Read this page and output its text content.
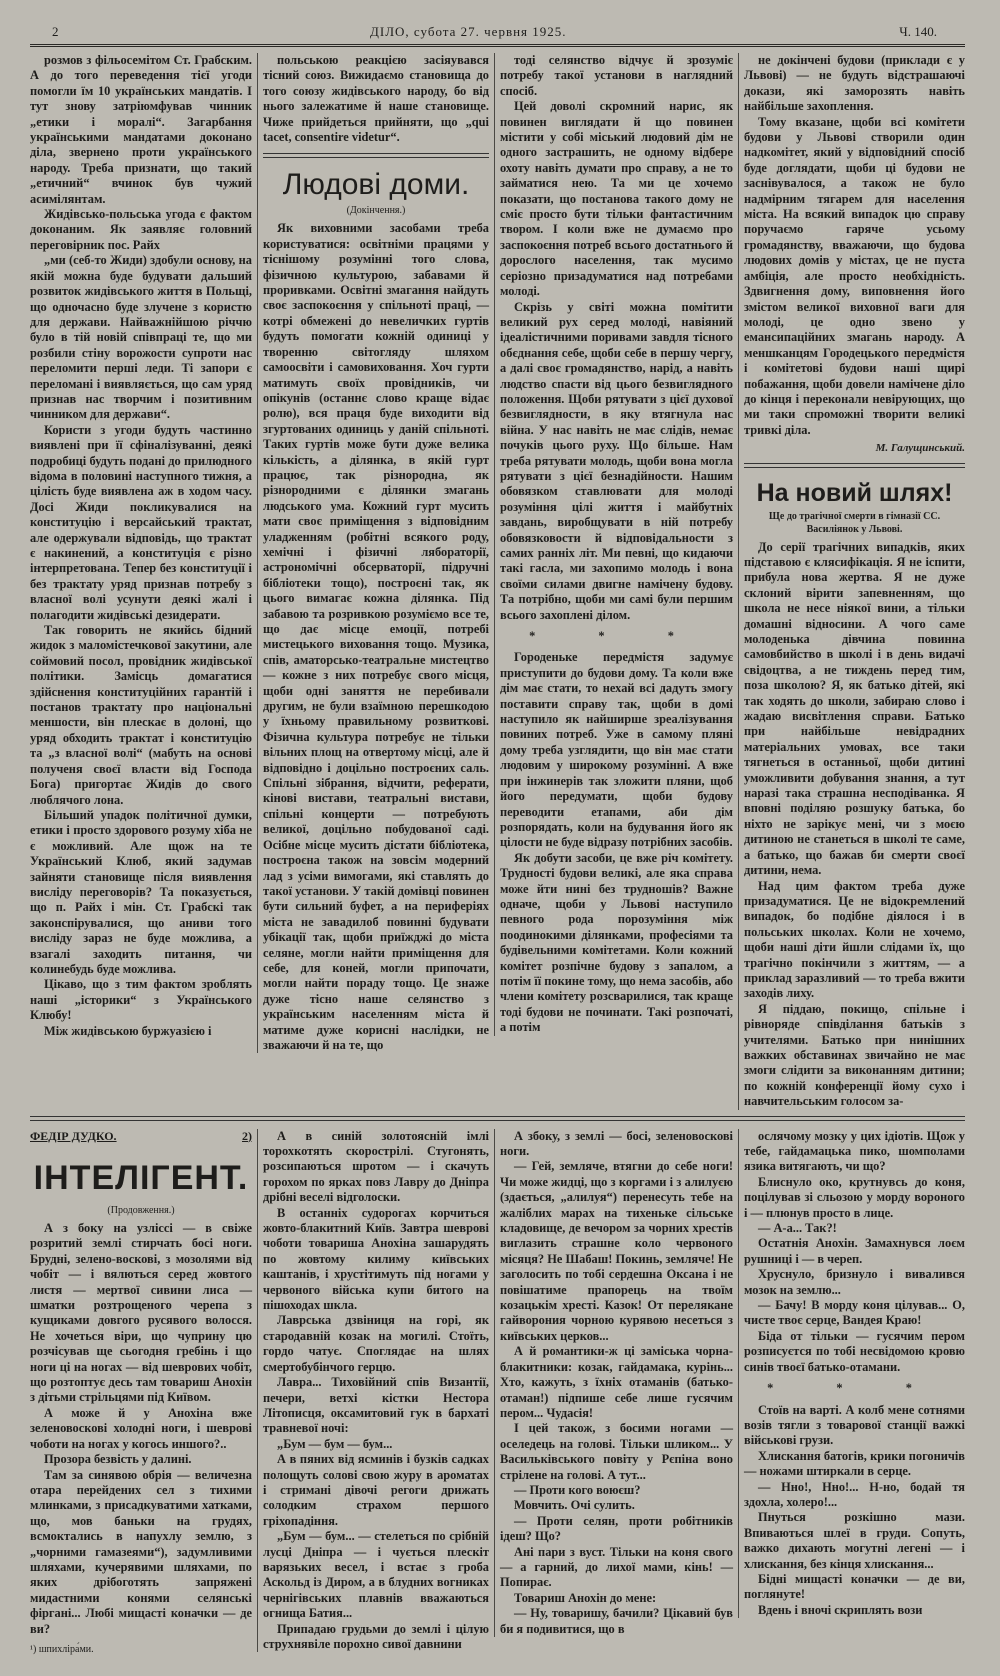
2	ДІЛО, субота 27. червня 1925.	Ч. 140.

розмов з фільосемітом Ст. Грабским. А до того переведення тієї угоди помогли їм 10 українських мандатів. І тут знову затріюмфував чинник „етики і моралі“. Загарбання українськими мандатами доконано діла, звернено проти українського народу. Треба признати, що такий „етичний“ вчинок був чужий асимілянтам.

Жидівсько-польська угода є фактом доконаним. Як заявляє головний переговірник пос. Райх

„ми (себ-то Жиди) здобули основу, на якій можна буде будувати дальший розвиток жидівського життя в Польщі, що одночасно буде злучене з користю для держави. Найважнійшою річчю було в тій новій співпраці те, що ми розбили стіну ворожости супроти нас переломити перші леди. Ті запори є переломані і виявляється, що сам уряд признав нас творчим і позитивним чинником для держави“.

Користи з угоди будуть частинно виявлені при її сфіналізуванні, деякі подробиці будуть подані до прилюдного відома в половині наступного тижня, а цілість буде виявлена аж в ходом часу. Досі Жиди покликувалися на конституцію і версайський трактат, але одержували відповідь, що трактат є накинений, а конституція є різно інтерпретована. Тепер без конституції і без трактату уряд признав потребу з власної волі усунути деякі жалі і полагодити жидівські дезидерати.

Так говорить не якийсь бідний жидок з маломістечкової закутини, але соймовий посол, провідник жидівської політики. Замісць домагатися здійснення конституційних гарантій і постанов трактату про національні меншости, він плескає в долоні, що уряд обходить трактат і конституцію та „з власної волі“ (мабуть на основі полученя своєї власти від Господа Бога) пригортає Жидів до свого люблячого лона.

Більший упадок політичної думки, етики і просто здорового розуму хіба не є можливий. Але щож на те Український Клюб, який задумав зайняти становище після виявлення висліду переговорів? Та показується, що п. Райх і мін. Ст. Грабскі так законспірувалися, що аниви того висліду зараз не буде можлива, а взагалі заходить питання, чи колинебудь буде можлива.

Цікаво, що з тим фактом зроблять наші „історики“ з Українського Клюбу!

Між жидівською буржуазією і

польською реакцією засіяувався тісний союз. Вижидаємо становища до того союзу жидівського народу, бо від нього залежатиме й наше становище. Чиже прийдеться прийняти, що „qui tacet, consentire videtur“.

Людові доми.
(Докінчення.)

Як виховними засобами треба користуватися: освітніми працями у тіснішому розумінні того слова, фізичною культурою, забавами й проривками. Освітні змагання найдуть своє заспокоєння у спільноті праці, — котрі обмежені до невеличких гуртів будуть помогати кожній одиниці у творенню світогляду шляхом самоосвіти і самовиховання. Хоч гурти матимуть своїх провідників, чи опікунів (останнє слово краще відає ролю), вся праця буде виходити від згуртованих одиниць у даній спільноті. Таких гуртів може бути дуже велика кількість, а ділянка, в якій гурт працює, так різнородна, як різнородними є ділянки змагань людського ума. Кожний гурт мусить мати своє приміщення з відповідним уладженням (робітні всякого роду, хемічні і фізичні лябораторії, астрономічні обсерваторії, підручні бібліотеки тощо), построєні так, як цього вимагає кожна ділянка. Під забавою та розривкою розуміємо все те, що дає місце емоції, потребі мистецького виховання тощо. Музика, спів, аматорсько-театральне мистецтво — кожне з них потребує свого місця, щоби одні заняття не перебивали другим, не були взаїмною перешкодою у їхньому правильному розвиткові. Фізична культура потребує не тільки вільних площ на отвертому місці, але й відповідно і доцільно построєних саль. Спільні зібрання, відчити, реферати, кінові вистави, театральні вистави, спільні концерти — потребують великої, доцільно побудованої саді. Осібне місце мусить дістати бібліотека, построєна також на зовсім модерний лад з усіми вимогами, які ставлять до такої установи. У такій домівці повинен бути сильний буфет, а на периферіях міста не завадилоб повинні будувати убікації так, щоби приїжджі до міста селяне, могли найти приміщення для себе, для коней, могли припочати, могли найти пораду тощо. Це знаже дуже тісно наше селянство з українським населенням міста й матиме дуже корисні наслідки, не зважаючи й на те, що

тоді селянство відчує й зрозуміє потребу такої установи в наглядний спосіб.

Цей доволі скромний нарис, як повинен виглядати й що повинен містити у собі міський людовий дім не одного застрашить, не одному відбере охоту навіть думати про справу, а не то займатися нею. Та ми це хочемо показати, що постанова такого дому не сміє просто бути тільки фантастичним твором. І коли вже не думаємо про заспокоєння потреб всього достатнього й дорослого населення, так мусимо серіозно призадуматися над потребами молоді.

Скрізь у світі можна помітити великий рух серед молоді, навіяний ідеалістичними поривами завдля тісного обєднання себе, щоби себе в першу чергу, а далі своє громадянство, нарід, а навіть людство спасти від цього безвиглядного положення. Щоби рятувати з цієї духової безвиглядности, в яку втягнула нас війна. У нас навіть не має слідів, немає почуків цього руху. Що більше. Нам треба рятувати молодь, щоби вона могла рятувати з цієї безнадійности. Нашим обовязком ставлювати для молоді розуміння цілі життя і майбутніх завдань, виробщувати в ній потребу обовязковости й відповідальности з самих ранніх літ. Ми певні, що кидаючи такі гасла, ми захопимо молодь і вона своїми силами двигне намічену будову. Та потрібно, щоби ми самі були першим всього захоплені ділом.

* * *

Городеньке передмістя задумує приступити до будови дому. Та коли вже дім має стати, то нехай всі дадуть змогу поставити справу так, щоби в домі наступило як найширше зреалізування повиних потреб. Уже в самому пляні дому треба узглядити, що він має стати людовим у широкому розумінні. А вже при інжинерів так зложити пляни, щоб його передумати, щоби будову переводити етапами, аби дім розпорядать, коли на будування його як цілости не буде відразу потрібних засобів.

Як добути засоби, це вже річ комітету. Трудності будови великі, але яка справа може йти нині без трудношів? Важне одначе, щоби у Львові наступило певного рода порозуміння між поодинокими ділянками, професіями та будівельними комітетами. Коли кожний комітет розпічне будову з запалом, а потім її покине тому, що нема засобів, або члени комітету розсварилися, так краще тоді будови не починати. Такі розпочаті, а потім

не докінчені будови (приклади є у Львові) — не будуть відстрашаючі докази, які заморозять навіть найбільше захоплення.

Тому вказане, щоби всі комітети будови у Львові створили один надкомітет, який у відповідний спосіб буде доглядати, щоби ці будови не заснівувалося, а також не було надмірним тягарем для населення міста. На всякий випадок цю справу поручаємо гаряче усьому громадянству, вважаючи, що будова людових домів у містах, це не пуста амбіція, але просто необхідність. Здвигнення дому, виповнення його змістом великої виховної ваги для молоді, це одно звено у емансипаційних змагань народу. А меншканцям Городецького передмістя і комітетові будови наші щирі побажання, щоби довели намічене діло до кінця і переконали невірующих, що ми таки спроможні творити великі тривкі діла.

М. Галущинський.
На новий шлях!
Ще до трагічної смерти в гімназії СС. Василіянок у Львові.

До серії трагічних випадків, яких підставою є клясифікація. Я не іспити, прибула нова жертва. Я не дуже склоний вірити запевненням, що школа не несе ніякої вини, а тільки домашні відносини. А чого саме молоденька дівчина повинна самовбийство в школі і в день видачі свідоцтва, а не тиждень перед тим, поза школою? Я, як батько дітей, які так ходять до школи, забираю слово і жадаю висвітлення справи. Батько при найбільше невідрадних матеріальних умовах, все таки тягнеться в останньої, щоби дитині уможливити добування знання, а тут наразі така страшна несподіванка. Я вповні поділяю розшуку батька, бо ніхто не зарікує мені, чи з моєю дитиною не станеться в школі те саме, а батько, що бажав би смерти своєї дитини, нема.

Над цим фактом треба дуже призадуматися. Це не відокремлений випадок, бо подібне діялося і в польських школах. Коли не хочемо, щоби наші діти йшли слідами їх, що трагічно покінчили з життям, — а приклад заразливий — то треба вжити заходів лиху.

Я піддаю, покищо, спільне і рівноряде співділання батьків з учителями. Батько при нинішних важких обставинах звичайно не має змоги слідити за виконанням дитини; по кожній конференції йому сухо і навчительським голосом за-

ФЕДІР ДУДКО.	2)
ІНТЕЛІГЕНТ.
(Продовження.)

А з боку на узліссі — в свіже розритий землі стирчать босі ноги. Брудні, зелено-воскові, з мозолями від чобіт — і вялються серед жовтого листя — мертвої сивини лиса — шматки розтрощеного черепа з кущиками довгого русявого волосся. Не хочеться віри, що чуприну цю розчісував ще сьогодня гребінь і що ноги ці на ногах — від шеврових чобіт, що розтоптує десь там товариш Анохін з дітьми стрільцями під Київом.

А може й у Анохіна вже зеленовоскові холодні ноги, і шеврові чоботи на ногах у когось иншого?..

Прозора безвість у далині.

Там за синявою обрія — величезна отара перейдених сел з тихими млинками, з присадкуватими хатками, що, мов баньки на грудях, всмоктались в напухлу землю, з „чорними гамазеями“), задумливими шляхами, кучерявими шляхами, по яких дрібоготять запряжені мидастними конями селянські фіргані... Любі мищасті коначки — де ви?

¹) шпихліра́ми.

А в синій золотоясній імлі торохкотять скорострілі. Стугонять, розсипаються шротом — і скачуть горохом по ярках повз Лавру до Дніпра дрібні веселі відголоски.

В останніх судорогах корчиться жовто-блакитний Київ. Завтра шеврові чоботи товариша Анохіна зашарудять по жовтому килиму київських каштанів, і хрустітимуть під ногами у червоного війська купи битого на пішоходах шкла.

Лаврська дзвіниця на горі, як стародавній козак на могилі. Стоїть, гордо чатує. Споглядає на шлях смертобубінчого герцю.

Лавра... Тиховійний спів Византії, печери, ветхі кістки Нестора Літописця, оксамитовий гук в бархаті травневої ночі:

„Бум — бум — бум...

А в пяних від ясминів і бузків садках полощуть солові свою журу в ароматах і стримані дівочі регоги дрижать солодким страхом першого гріхопадіння.

„Бум — бум... — стелеться по срібній лусці Дніпра — і чується плескіт варязьких весел, і встає з гроба Аскольд із Диром, а в блудних вогниках чернігівських плавнів вважаються огнища Батия...

Припадаю грудьми до землі і цілую струхнявіле порохно сивої давнини

А збоку, з землі — босі, зеленовоскові ноги.

— Гей, земляче, втягни до себе ноги! Чи може жидці, що з коргами і з алилуєю (здається, „алилуя“) перенесуть тебе на жаліблих марах на тихеньке сільське кладовище, де вечором за чорних хрестів виглазить страшне коло червоного місяця? Не Шабаш! Покинь, земляче! Не заголосить по тобі сердешна Оксана і не повішатиме прапорець на твоїм козацькім хресті. Казок! От перелякане гайворония чорною курявою несеться з київських церков...

А й романтики-ж ці заміська чорна-блакитники: козак, гайдамака, курінь... Хто, кажуть, з їхніх отаманів (батько-отаман!) підпише себе лише гусячим пером... Чудасія!

І цей також, з босими ногами — оселедець на голові. Тільки шликом... У Васильківського повіту у Рєпіна воно стрілене на голові. А тут...

— Проти кого воюєш?

Мовчить. Очі сулить.

— Проти селян, проти робітників ідеш? Що?

Ані пари з вуст. Тільки на коня свого — а гарний, до лихої мами, кінь! — Попирає.

Товариш Анохін до мене:

— Ну, товаришу, бачили? Цікавий був би я подивитися, що в

ослячому мозку у цих ідіотів. Щож у тебе, гайдамацька пико, шомполами язика витягають, чи що?

Блиснуло око, крутнувсь до коня, поцілував зі сльозою у морду вороного і — плюнув просто в лице.

— А-а... Так?!

Остатнія Анохін. Замахнувся лоєм рушниці і — в череп.

Хруснуло, бризнуло і вивалився мозок на землю...

— Бачу! В морду коня цілував... О, чисте твоє серце, Вандея Краю!

Біда от тільки — гусячим пером розписуєтся по тобі несвідомою кровю синів твоєї батько-отамани.

* * *

Стоїв на варті. А колб мене сотнями возів тягли з товарової станції важкі військові грузи.

Хлискання батогів, крики погоничів — ножами штиркали в серце.

— Нно!, Нно!... Н-но, бодай тя здохла, холеро!...

Пнуться розкішно мази. Впиваються шлеї в груди. Сопуть, важко дихають могутні легені — і хлискання, без кінця хлискання...

Бідні мищасті коначки — де ви, поглянуте!

Вдень і вночі скриплять вози
